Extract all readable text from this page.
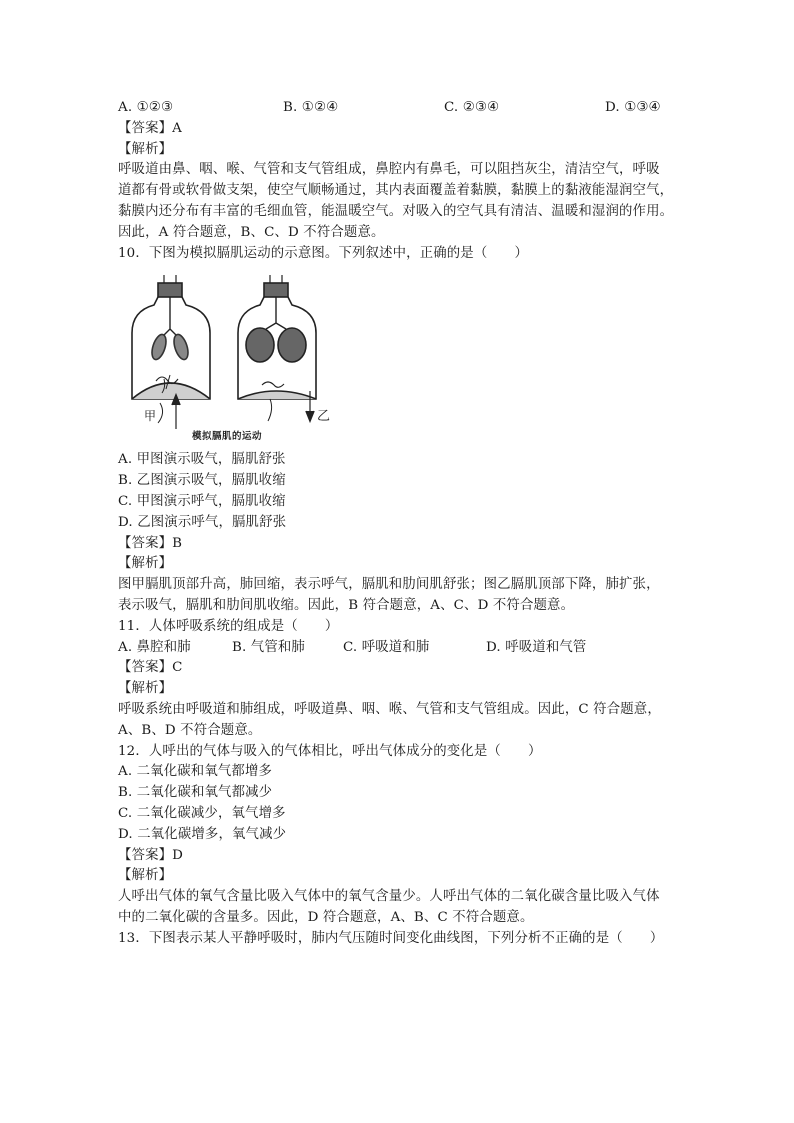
A. ①②③	B. ①②④	C. ②③④	D. ①③④
【答案】A
【解析】
呼吸道由鼻、咽、喉、气管和支气管组成，鼻腔内有鼻毛，可以阻挡灰尘，清洁空气，呼吸
道都有骨或软骨做支架，使空气顺畅通过，其内表面覆盖着黏膜，黏膜上的黏液能湿润空气，
黏膜内还分布有丰富的毛细血管，能温暖空气。对吸入的空气具有清洁、温暖和湿润的作用。
因此，A 符合题意，B、C、D 不符合题意。
10．下图为模拟膈肌运动的示意图。下列叙述中，正确的是（　　）
甲	乙
模拟膈肌的运动
A. 甲图演示吸气，膈肌舒张
B. 乙图演示吸气，膈肌收缩
C. 甲图演示呼气，膈肌收缩
D. 乙图演示呼气，膈肌舒张
【答案】B
【解析】
图甲膈肌顶部升高，肺回缩，表示呼气，膈肌和肋间肌舒张；图乙膈肌顶部下降，肺扩张，
表示吸气，膈肌和肋间肌收缩。因此，B 符合题意，A、C、D 不符合题意。
11．人体呼吸系统的组成是（　　）
A. 鼻腔和肺	B. 气管和肺	C. 呼吸道和肺	D. 呼吸道和气管
【答案】C
【解析】
呼吸系统由呼吸道和肺组成，呼吸道鼻、咽、喉、气管和支气管组成。因此，C 符合题意，
A、B、D 不符合题意。
12．人呼出的气体与吸入的气体相比，呼出气体成分的变化是（　　）
A. 二氧化碳和氧气都增多
B. 二氧化碳和氧气都减少
C. 二氧化碳减少，氧气增多
D. 二氧化碳增多，氧气减少
【答案】D
【解析】
人呼出气体的氧气含量比吸入气体中的氧气含量少。人呼出气体的二氧化碳含量比吸入气体
中的二氧化碳的含量多。因此，D 符合题意，A、B、C 不符合题意。
13．下图表示某人平静呼吸时，肺内气压随时间变化曲线图，下列分析不正确的是（　　）
